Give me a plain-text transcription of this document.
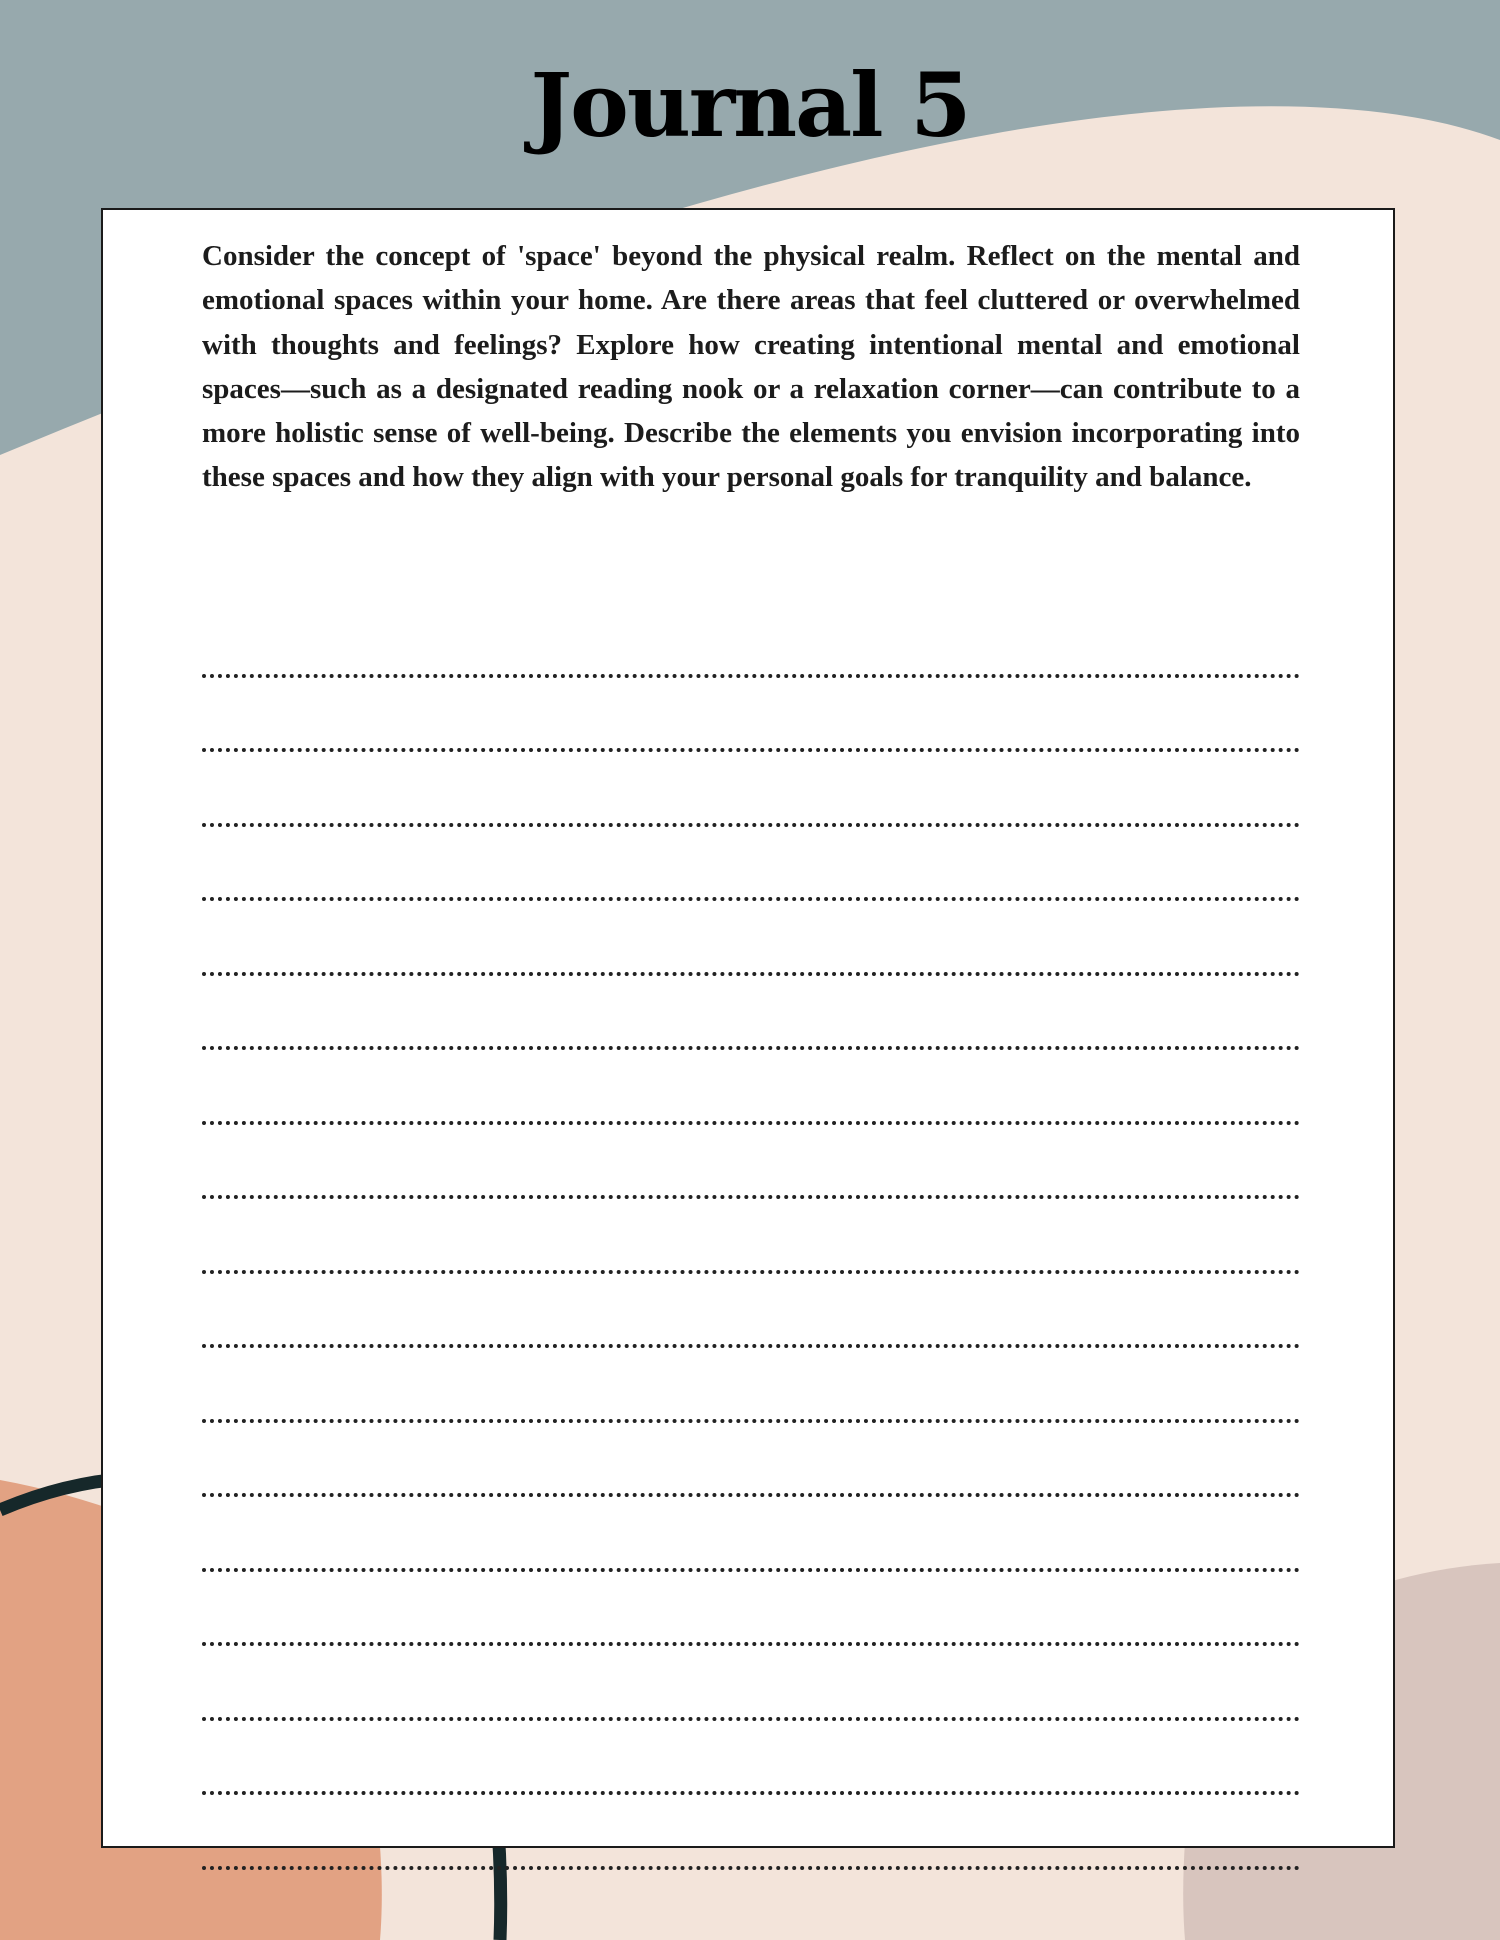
Journal 5

Consider the concept of 'space' beyond the physical realm. Reflect on the mental and emotional spaces within your home. Are there areas that feel cluttered or overwhelmed with thoughts and feelings? Explore how creating intentional mental and emotional spaces—such as a designated reading nook or a relaxation corner—can contribute to a more holistic sense of well-being. Describe the elements you envision incorporating into these spaces and how they align with your personal goals for tranquility and balance.
